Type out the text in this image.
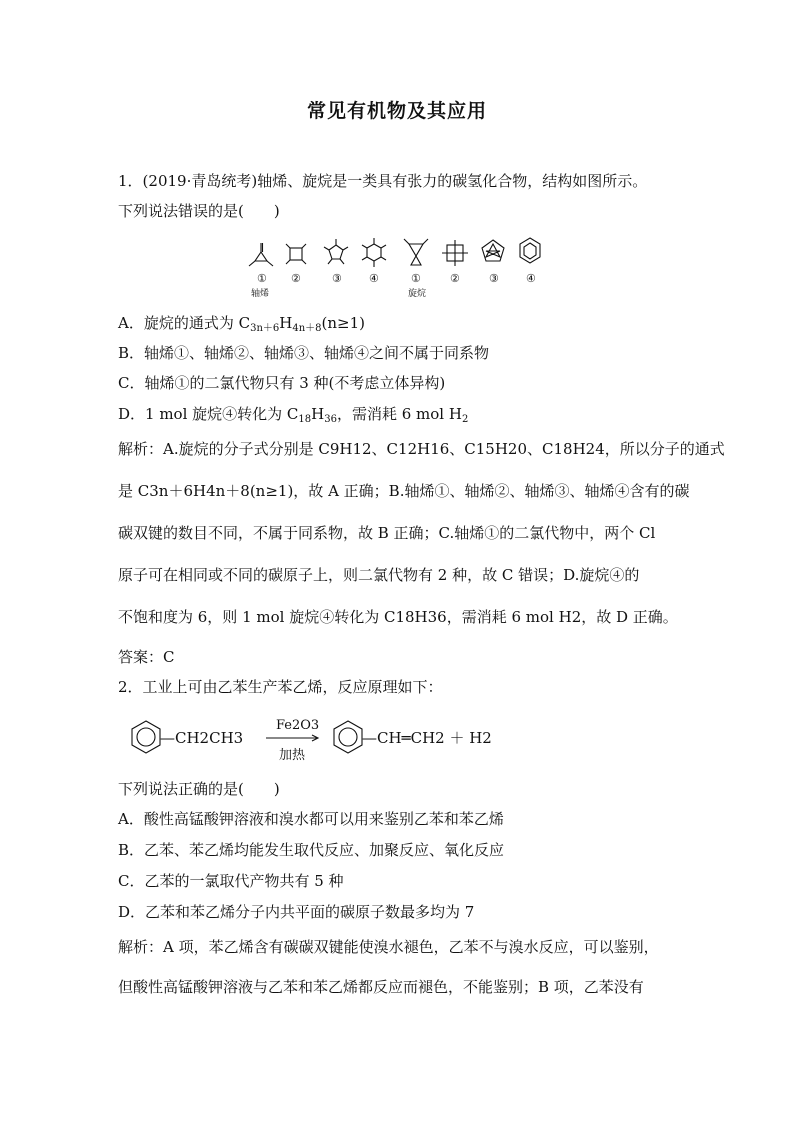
常见有机物及其应用
1．(2019·青岛统考)轴烯、旋烷是一类具有张力的碳氢化合物，结构如图所示。
下列说法错误的是(　　)
① ②	③ ④	①	②	③ ④
轴烯	旋烷
A．旋烷的通式为 $C_{3n+6}H_{4n+8}(n\ge 1)$
B．轴烯①、轴烯②、轴烯③、轴烯④之间不属于同系物
C．轴烯①的二氯代物只有 3 种(不考虑立体异构)
D．1 mol 旋烷④转化为 $C_{18}H_{36}$，需消耗 6 mol $H_2$
解析：A.旋烷的分子式分别是 C9H12、C12H16、C15H20、C18H24，所以分子的通式
是 C3n＋6H4n＋8(n≥1)，故 A 正确；B.轴烯①、轴烯②、轴烯③、轴烯④含有的碳
碳双键的数目不同，不属于同系物，故 B 正确；C.轴烯①的二氯代物中，两个 Cl
原子可在相同或不同的碳原子上，则二氯代物有 2 种，故 C 错误；D.旋烷④的
不饱和度为 6，则 1 mol 旋烷④转化为 C18H36，需消耗 6 mol H2，故 D 正确。
答案：C
2．工业上可由乙苯生产苯乙烯，反应原理如下：
—CH2CH3
Fe2O3
加热
—CH═CH2 ＋ H2
下列说法正确的是(　　)
A．酸性高锰酸钾溶液和溴水都可以用来鉴别乙苯和苯乙烯
B．乙苯、苯乙烯均能发生取代反应、加聚反应、氧化反应
C．乙苯的一氯取代产物共有 5 种
D．乙苯和苯乙烯分子内共平面的碳原子数最多均为 7
解析：A 项，苯乙烯含有碳碳双键能使溴水褪色，乙苯不与溴水反应，可以鉴别，
但酸性高锰酸钾溶液与乙苯和苯乙烯都反应而褪色，不能鉴别；B 项，乙苯没有
